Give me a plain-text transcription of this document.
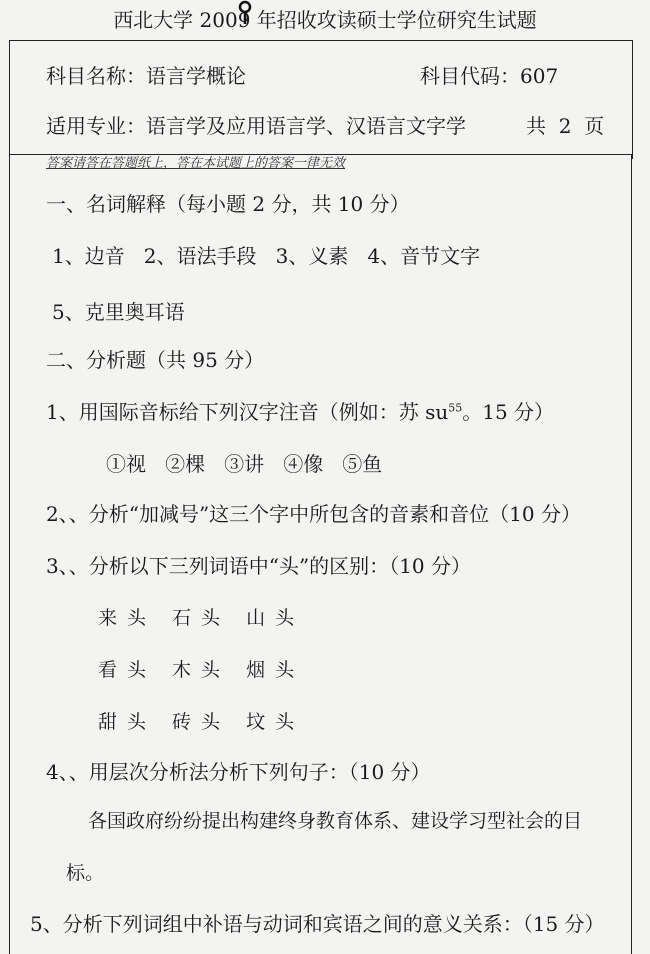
西北大学 2009 年招收攻读硕士学位研究生试题
科目名称：语言学概论	科目代码：607
适用专业：语言学及应用语言学、汉语言文字学	共  2  页
答案请答在答题纸上，答在本试题上的答案一律无效
一、名词解释（每小题 2 分，共 10 分）
1、边音   2、语法手段   3、义素   4、音节文字
5、克里奥耳语
二、分析题（共 95 分）
1、用国际音标给下列汉字注音（例如：苏 $su^{55}$。15 分）
①视   ②棵   ③讲   ④像   ⑤鱼
2、、分析“加减号”这三个字中所包含的音素和音位（10 分）
3、、分析以下三列词语中“头”的区别：（10 分）
来头 石头 山头
看头 木头 烟头
甜头 砖头 坟头
4、、用层次分析法分析下列句子：（10 分）
各国政府纷纷提出构建终身教育体系、建设学习型社会的目
标。
5、分析下列词组中补语与动词和宾语之间的意义关系：（15 分）
